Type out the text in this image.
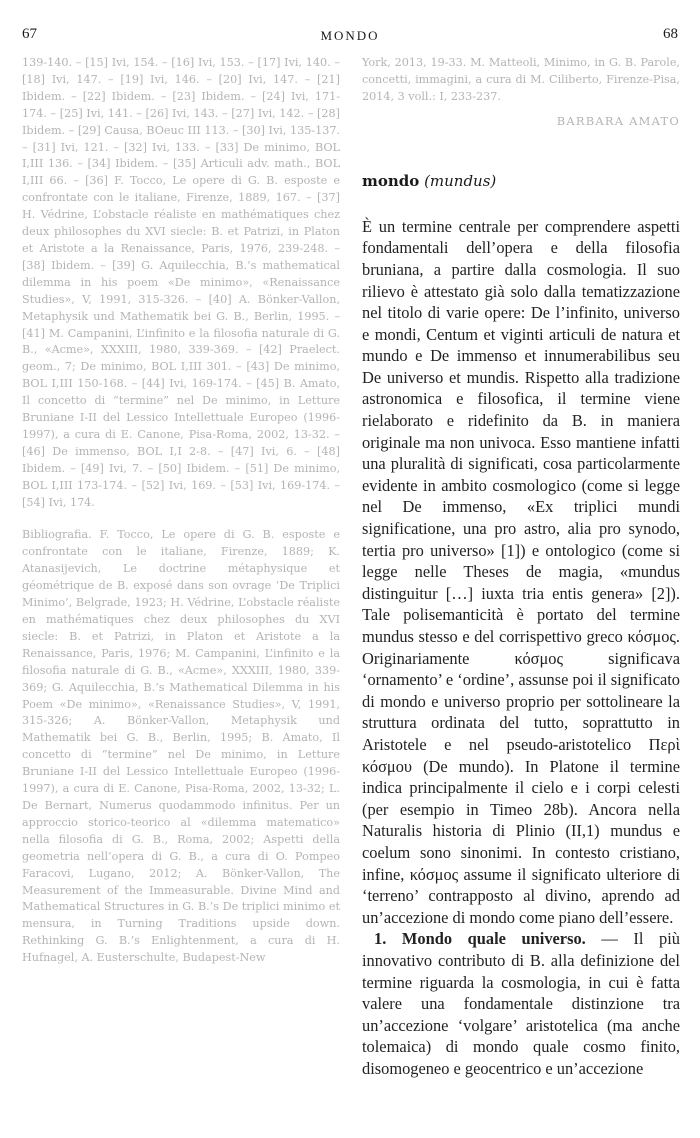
67	MONDO	68

139-140. – [15] Ivi, 154. – [16] Ivi, 153. – [17] Ivi, 140. – [18] Ivi, 147. – [19] Ivi, 146. – [20] Ivi, 147. – [21] Ibidem. – [22] Ibidem. – [23] Ibidem. – [24] Ivi, 171-174. – [25] Ivi, 141. – [26] Ivi, 143. – [27] Ivi, 142. – [28] Ibidem. – [29] Causa, BOeuc III 113. – [30] Ivi, 135-137. – [31] Ivi, 121. – [32] Ivi, 133. – [33] De minimo, BOL I,III 136. – [34] Ibidem. – [35] Articuli adv. math., BOL I,III 66. – [36] F. Tocco, Le opere di G. B. esposte e confrontate con le italiane, Firenze, 1889, 167. – [37] H. Védrine, L’obstacle réaliste en mathématiques chez deux philosophes du XVI siecle: B. et Patrizi, in Platon et Aristote a la Renaissance, Paris, 1976, 239-248. – [38] Ibidem. – [39] G. Aquilecchia, B.’s mathematical dilemma in his poem «De minimo», «Renaissance Studies», V, 1991, 315-326. – [40] A. Bönker-Vallon, Metaphysik und Mathematik bei G. B., Berlin, 1995. – [41] M. Campanini, L’infinito e la filosofia naturale di G. B., «Acme», XXXIII, 1980, 339-369. – [42] Praelect. geom., 7; De minimo, BOL I,III 301. – [43] De minimo, BOL I,III 150-168. – [44] Ivi, 169-174. – [45] B. Amato, Il concetto di “termine” nel De minimo, in Letture Bruniane I-II del Lessico Intellettuale Europeo (1996-1997), a cura di E. Canone, Pisa-Roma, 2002, 13-32. – [46] De immenso, BOL I,I 2-8. – [47] Ivi, 6. – [48] Ibidem. – [49] Ivi, 7. – [50] Ibidem. – [51] De minimo, BOL I,III 173-174. – [52] Ivi, 169. – [53] Ivi, 169-174. – [54] Ivi, 174.

Bibliografia. F. Tocco, Le opere di G. B. esposte e confrontate con le italiane, Firenze, 1889; K. Atanasijevich, Le doctrine métaphysique et géométrique de B. exposé dans son ovrage ‘De Triplici Minimo’, Belgrade, 1923; H. Védrine, L’obstacle réaliste en mathématiques chez deux philosophes du XVI siecle: B. et Patrizi, in Platon et Aristote a la Renaissance, Paris, 1976; M. Campanini, L’infinito e la filosofia naturale di G. B., «Acme», XXXIII, 1980, 339-369; G. Aquilecchia, B.’s Mathematical Dilemma in his Poem «De minimo», «Renaissance Studies», V, 1991, 315-326; A. Bönker-Vallon, Metaphysik und Mathematik bei G. B., Berlin, 1995; B. Amato, Il concetto di “termine” nel De minimo, in Letture Bruniane I-II del Lessico Intellettuale Europeo (1996-1997), a cura di E. Canone, Pisa-Roma, 2002, 13-32; L. De Bernart, Numerus quodammodo infinitus. Per un approccio storico-teorico al «dilemma matematico» nella filosofia di G. B., Roma, 2002; Aspetti della geometria nell’opera di G. B., a cura di O. Pompeo Faracovi, Lugano, 2012; A. Bönker-Vallon, The Measurement of the Immeasurable. Divine Mind and Mathematical Structures in G. B.’s De triplici minimo et mensura, in Turning Traditions upside down. Rethinking G. B.’s Enlightenment, a cura di H. Hufnagel, A. Eusterschulte, Budapest-New

York, 2013, 19-33. M. Matteoli, Minimo, in G. B. Parole, concetti, immagini, a cura di M. Ciliberto, Firenze-Pisa, 2014, 3 voll.: I, 233-237.

BARBARA AMATO
mondo (mundus)

È un termine centrale per comprendere aspetti fondamentali dell’opera e della filosofia bruniana, a partire dalla cosmologia. Il suo rilievo è attestato già solo dalla tematizzazione nel titolo di varie opere: De l’infinito, universo e mondi, Centum et viginti articuli de natura et mundo e De immenso et innumerabilibus seu De universo et mundis. Rispetto alla tradizione astronomica e filosofica, il termine viene rielaborato e ridefinito da B. in maniera originale ma non univoca. Esso mantiene infatti una pluralità di significati, cosa particolarmente evidente in ambito cosmologico (come si legge nel De immenso, «Ex triplici mundi significatione, una pro astro, alia pro synodo, tertia pro universo» [1]) e ontologico (come si legge nelle Theses de magia, «mundus distinguitur […] iuxta tria entis genera» [2]). Tale polisemanticità è portato del termine mundus stesso e del corrispettivo greco κόσμος. Originariamente κόσμος significava ‘ornamento’ e ‘ordine’, assunse poi il significato di mondo e universo proprio per sottolineare la struttura ordinata del tutto, soprattutto in Aristotele e nel pseudo-aristotelico Περὶ κόσμου (De mundo). In Platone il termine indica principalmente il cielo e i corpi celesti (per esempio in Timeo 28b). Ancora nella Naturalis historia di Plinio (II,1) mundus e coelum sono sinonimi. In contesto cristiano, infine, κόσμος assume il significato ulteriore di ‘terreno’ contrapposto al divino, aprendo ad un’accezione di mondo come piano dell’essere.

1. Mondo quale universo. — Il più innovativo contributo di B. alla definizione del termine riguarda la cosmologia, in cui è fatta valere una fondamentale distinzione tra un’accezione ‘volgare’ aristotelica (ma anche tolemaica) di mondo quale cosmo finito, disomogeneo e geocentrico e un’accezione
